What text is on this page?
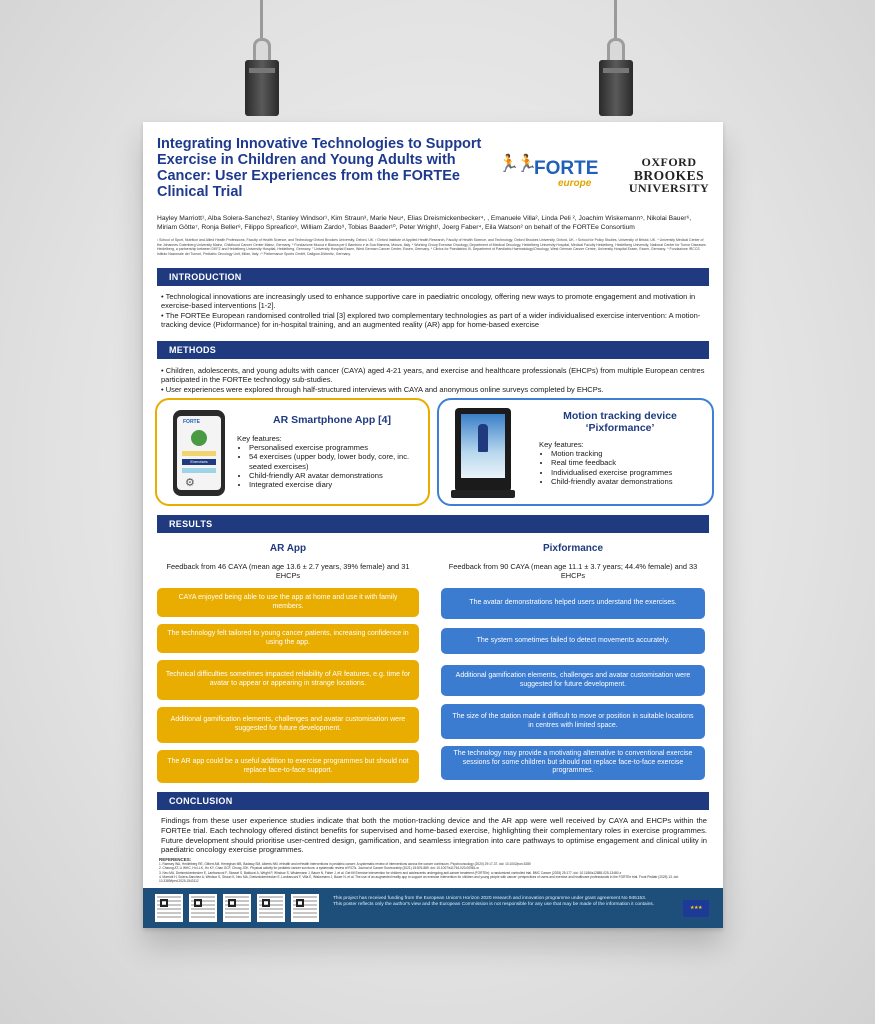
Integrating Innovative Technologies to Support Exercise in Children and Young Adults with Cancer: User Experiences from the FORTEe Clinical Trial
🏃🏃 FORTE
europe
OXFORD
BROOKES
UNIVERSITY
Hayley Marriott¹, Alba Solera-Sanchez¹, Stanley Windsor¹, Kim Straun³, Marie Neu⁴, Elias Dreismickenbecker⁴, , Emanuele Villa², Linda Peli ², Joachim Wiskemann⁵, Nikolai Bauer⁶, Miriam Götte⁷, Ronja Beller⁸, Filippo Spreafico⁸, William Zardo⁹, Tobias Baader¹⁰, Peter Wright¹, Joerg Faber⁴, Eila Watson² on behalf of the FORTEe Consortium
¹ School of Sport, Nutrition and Allied Health Professions, Faculty of Health Science, and Technology Oxford Brookes University, Oxford, UK. ² Oxford Institute of Applied Health Research, Faculty of Health Science, and Technology, Oxford Brookes University, Oxford, UK. ³ School for Policy Studies, University of Bristol, UK. ⁴ University Medical Center of the Johannes Gutenberg University Mainz, Childhood Cancer Center Mainz, Germany. ⁵ Fondazione Mucca e Bianca per il Bambino e la Sua Mamma, Monza, Italy. ⁶ Working Group Exercise Oncology, Department of Medical Oncology, Heidelberg University Hospital, Medical Faculty Heidelberg, Heidelberg University, National Center for Tumor Diseases Heidelberg, a partnership between DKFZ and Heidelberg University Hospital, Heidelberg, Germany. ⁷ University Hospital Essen, West German Cancer Center, Essen, Germany. ⁸ Clinics for Paediatrics III, Department of Paediatric Haematology/Oncology, West German Cancer Centre, University Hospital Essen, Essen, Germany. ⁹ Fondazione IRCCS Istituto Nazionale dei Tumori, Pediatric Oncology Unit, Milan, Italy. ¹⁰ Pixformance Sports GmbH, Dallgow-Döberitz, Germany.
INTRODUCTION

• Technological innovations are increasingly used to enhance supportive care in paediatric oncology, offering new ways to promote engagement and motivation in exercise-based interventions [1-2].

• The FORTEe European randomised controlled trial [3] explored two complementary technologies as part of a wider individualised exercise intervention: A motion-tracking device (Pixformance) for in-hospital training, and an augmented reality (AR) app for home-based exercise

METHODS

• Children, adolescents, and young adults with cancer (CAYA) aged 4-21 years, and exercise and healthcare professionals (EHCPs) from multiple European centres participated in the FORTEe technology sub-studies.

• User experiences were explored through half-structured interviews with CAYA and anonymous online surveys completed by EHCPs.

FORTE
Exercises
⚙
AR Smartphone App [4]
Key features:
• Personalised exercise programmes
• 54 exercises (upper body, lower body, core, inc. seated exercises)
• Child-friendly AR avatar demonstrations
• Integrated exercise diary
Motion tracking device ‘Pixformance’
Key features:
• Motion tracking
• Real time feedback
• Individualised exercise programmes
• Child-friendly avatar demonstrations
RESULTS
AR App
Feedback from 46 CAYA (mean age 13.6 ± 2.7 years, 39% female) and 31 EHCPs
Pixformance
Feedback from 90 CAYA (mean age 11.1 ± 3.7 years; 44.4% female) and 33 EHCPs
CAYA enjoyed being able to use the app at home and use it with family members.
The technology felt tailored to young cancer patients, increasing confidence in using the app.
Technical difficulties sometimes impacted reliability of AR features, e.g. time for avatar to appear or appearing in strange locations.
Additional gamification elements, challenges and avatar customisation were suggested for future development.
The AR app could be a useful addition to exercise programmes but should not replace face-to-face support.
The avatar demonstrations helped users understand the exercises.
The system sometimes failed to detect movements accurately.
Additional gamification elements, challenges and avatar customisation were suggested for future development.
The size of the station made it difficult to move or position in suitable locations in centres with limited space.
The technology may provide a motivating alternative to conventional exercise sessions for some children but should not replace face-to-face exercise programmes.
CONCLUSION
Findings from these user experience studies indicate that both the motion-tracking device and the AR app were well received by CAYA and EHCPs within the FORTEe trial. Each technology offered distinct benefits for supervised and home-based exercise, highlighting their complementary roles in exercise programmes. Future development should prioritise user-centred design, gamification, and seamless integration into care pathways to optimise engagement and clinical utility in paediatric oncology exercise programmes.
REFERENCES:
1. Ramsey WA, Heidelberg RE, Gilbert AM, Heneghan MB, Badawy SM, Alberts NM. eHealth and mHealth interventions in pediatric cancer: A systematic review of interventions across the cancer continuum. Psychooncology (2020) 29:17-37. doi: 10.1002/pon.5280
2. Cheung AT, Li WHC, Ho LLK, Ho KY, Chan GCF, Chung JOK. Physical activity for pediatric cancer survivors: a systematic review of RCTs. Journal of Cancer Survivorship (2021) 15:876-889. doi: 10.1007/s11764-020-00981-w
3. Neu MA, Dreismickenbecker E, Lanfranconi F, Stossel S, Balduzzi A, Wright P, Windsor S, Wiskemann J, Bauer N, Faber J, et al. Get fit! Exercise intervention for children and adolescents undergoing anti-cancer treatment (FORTEe): a randomized controlled trial. BMC Cancer (2025) 25:177. doi: 10.1186/s12885-025-13480-x
4. Marriott H, Solera-Sanchez A, Windsor S, Straun K, Neu MA, Dreismickenbecker E, Lanfranconi F, Villa E, Wiskemann J, Bauer N, et al. The use of an augmented reality app to support an exercise intervention for children and young people with cancer: perspectives of users and exercise and healthcare professionals in the FORTEe trial. Front Pediatr (2025) 13. doi: 10.3389/fped.2025.1543112
This project has received funding from the European Union's Horizon 2020 research and innovation programme under grant agreement No 945153.
This poster reflects only the author's view and the European Commission is not responsible for any use that may be made of the information it contains.
★★★
